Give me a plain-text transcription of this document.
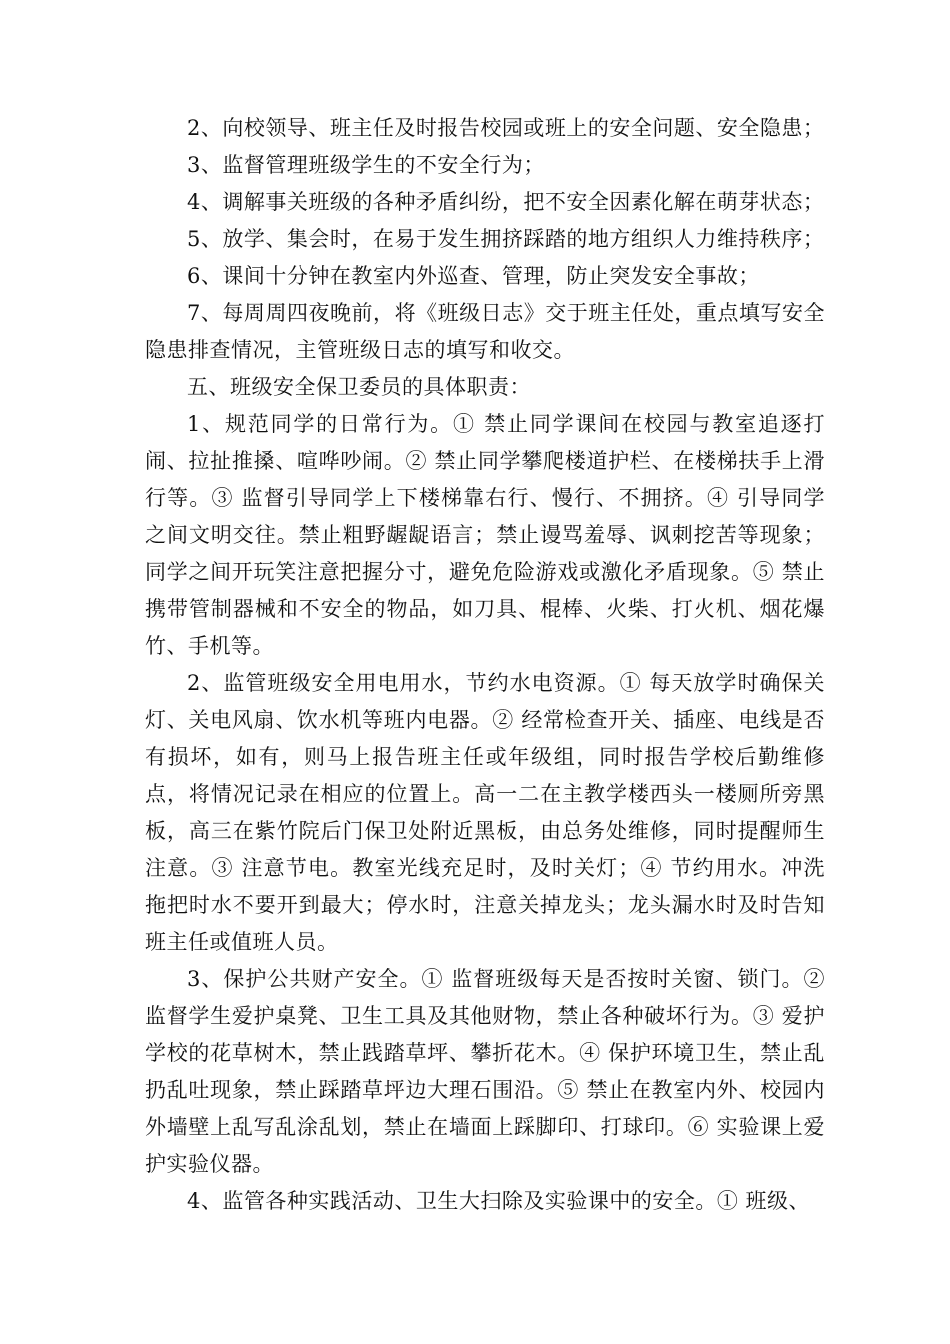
2、向校领导、班主任及时报告校园或班上的安全问题、安全隐患；

3、监督管理班级学生的不安全行为；

4、调解事关班级的各种矛盾纠纷，把不安全因素化解在萌芽状态；

5、放学、集会时，在易于发生拥挤踩踏的地方组织人力维持秩序；

6、课间十分钟在教室内外巡查、管理，防止突发安全事故；

7、每周周四夜晚前，将《班级日志》交于班主任处，重点填写安全隐患排查情况，主管班级日志的填写和收交。

五、班级安全保卫委员的具体职责：

1、规范同学的日常行为。① 禁止同学课间在校园与教室追逐打闹、拉扯推搡、喧哗吵闹。② 禁止同学攀爬楼道护栏、在楼梯扶手上滑行等。③ 监督引导同学上下楼梯靠右行、慢行、不拥挤。④ 引导同学之间文明交往。禁止粗野龌龊语言；禁止谩骂羞辱、讽刺挖苦等现象；同学之间开玩笑注意把握分寸，避免危险游戏或激化矛盾现象。⑤ 禁止携带管制器械和不安全的物品，如刀具、棍棒、火柴、打火机、烟花爆竹、手机等。

2、监管班级安全用电用水，节约水电资源。① 每天放学时确保关灯、关电风扇、饮水机等班内电器。② 经常检查开关、插座、电线是否有损坏，如有，则马上报告班主任或年级组，同时报告学校后勤维修点，将情况记录在相应的位置上。高一二在主教学楼西头一楼厕所旁黑板，高三在紫竹院后门保卫处附近黑板，由总务处维修，同时提醒师生注意。③ 注意节电。教室光线充足时，及时关灯；④ 节约用水。冲洗拖把时水不要开到最大；停水时，注意关掉龙头；龙头漏水时及时告知班主任或值班人员。

3、保护公共财产安全。① 监督班级每天是否按时关窗、锁门。② 监督学生爱护桌凳、卫生工具及其他财物，禁止各种破坏行为。③ 爱护学校的花草树木，禁止践踏草坪、攀折花木。④ 保护环境卫生，禁止乱扔乱吐现象，禁止踩踏草坪边大理石围沿。⑤ 禁止在教室内外、校园内外墙壁上乱写乱涂乱划，禁止在墙面上踩脚印、打球印。⑥ 实验课上爱护实验仪器。

4、监管各种实践活动、卫生大扫除及实验课中的安全。① 班级、
